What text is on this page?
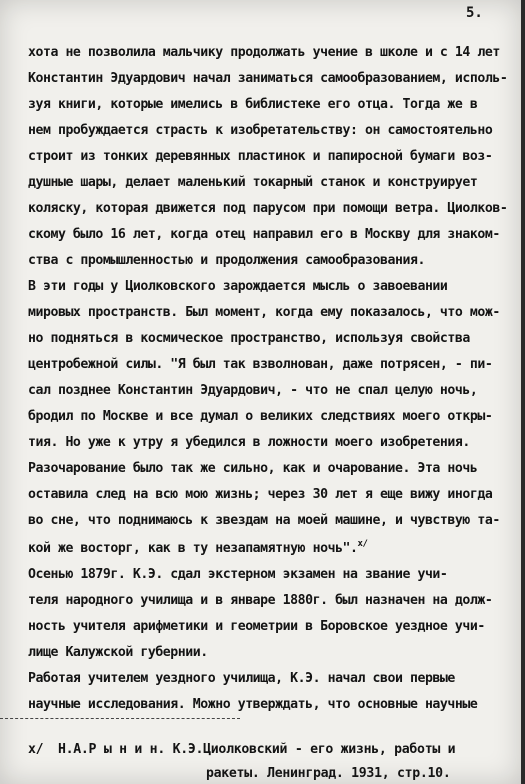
5.
хота не позволила мальчику продолжать учение в школе и с 14 лет
Константин Эдуардович начал заниматься самообразованием, исполь-
зуя книги, которые имелись в библистеке его отца. Тогда же в
нем пробуждается страсть к изобретательству: он самостоятельно
строит из тонких деревянных пластинок и папиросной бумаги воз-
душные шары, делает маленький токарный станок и конструирует
коляску, которая движется под парусом при помощи ветра. Циолков-
скому было 16 лет, когда отец направил его в Москву для знаком-
ства с промышленностью и продолжения самообразования.
В эти годы у Циолковского зарождается мысль о завоевании
мировых пространств. Был момент, когда ему показалось, что мож-
но подняться в космическое пространство, используя свойства
центробежной силы. "Я был так взволнован, даже потрясен, - пи-
сал позднее Константин Эдуардович, - что не спал целую ночь,
бродил по Москве и все думал о великих следствиях моего откры-
тия. Но уже к утру я убедился в ложности моего изобретения.
Разочарование было так же сильно, как и очарование. Эта ночь
оставила след на всю мою жизнь; через 30 лет я еще вижу иногда
во сне, что поднимаюсь к звездам на моей машине, и чувствую та-
кой же восторг, как в ту незапамятную ночь".$^{х/}$
Осенью 1879г. К.Э. сдал экстерном экзамен на звание учи-
теля народного училища и в январе 1880г. был назначен на долж-
ность учителя арифметики и геометрии в Боровское уездное учи-
лище Калужской губернии.
Работая учителем уездного училища, К.Э. начал свои первые
научные исследования. Можно утверждать, что основные научные
х/ Н.А.Р ы н и н. К.Э.Циолковский - его жизнь, работы и
ракеты. Ленинград. 1931, стр.10.
